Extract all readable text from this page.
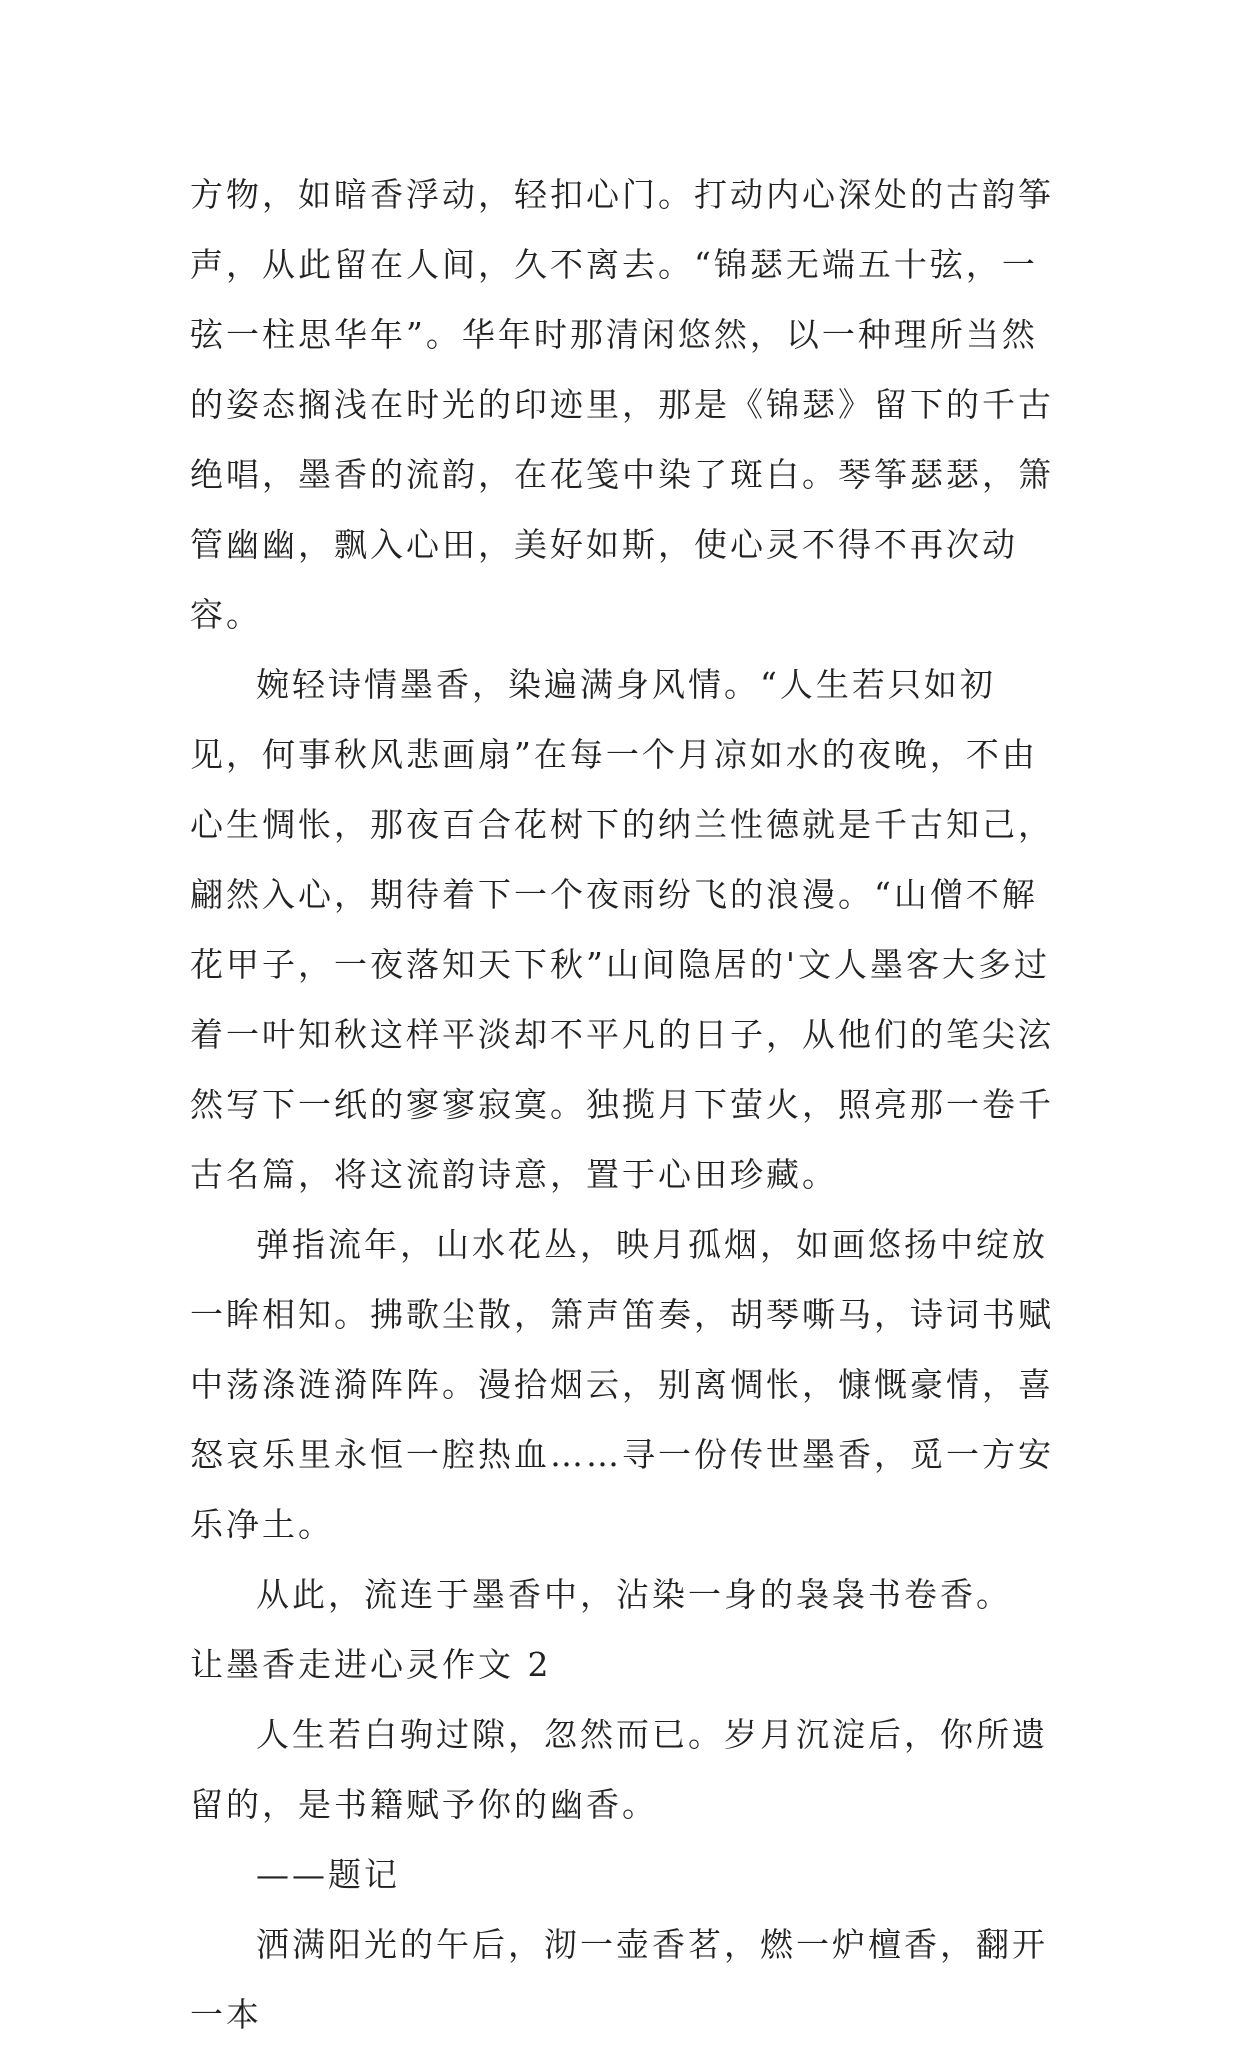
方物，如暗香浮动，轻扣心门。打动内心深处的古韵筝声，从此留在人间，久不离去。“锦瑟无端五十弦，一弦一柱思华年”。华年时那清闲悠然，以一种理所当然的姿态搁浅在时光的印迹里，那是《锦瑟》留下的千古绝唱，墨香的流韵，在花笺中染了斑白。琴筝瑟瑟，箫管幽幽，飘入心田，美好如斯，使心灵不得不再次动容。

婉轻诗情墨香，染遍满身风情。“人生若只如初见，何事秋风悲画扇”在每一个月凉如水的夜晚，不由心生惆怅，那夜百合花树下的纳兰性德就是千古知己，翩然入心，期待着下一个夜雨纷飞的浪漫。“山僧不解花甲子，一夜落知天下秋”山间隐居的'文人墨客大多过着一叶知秋这样平淡却不平凡的日子，从他们的笔尖泫然写下一纸的寥寥寂寞。独揽月下萤火，照亮那一卷千古名篇，将这流韵诗意，置于心田珍藏。

弹指流年，山水花丛，映月孤烟，如画悠扬中绽放一眸相知。拂歌尘散，箫声笛奏，胡琴嘶马，诗词书赋中荡涤涟漪阵阵。漫拾烟云，别离惆怅，慷慨豪情，喜怒哀乐里永恒一腔热血……寻一份传世墨香，觅一方安乐净土。

从此，流连于墨香中，沾染一身的袅袅书卷香。

让墨香走进心灵作文 2

人生若白驹过隙，忽然而已。岁月沉淀后，你所遗留的，是书籍赋予你的幽香。

——题记

洒满阳光的午后，沏一壶香茗，燃一炉檀香，翻开一本
